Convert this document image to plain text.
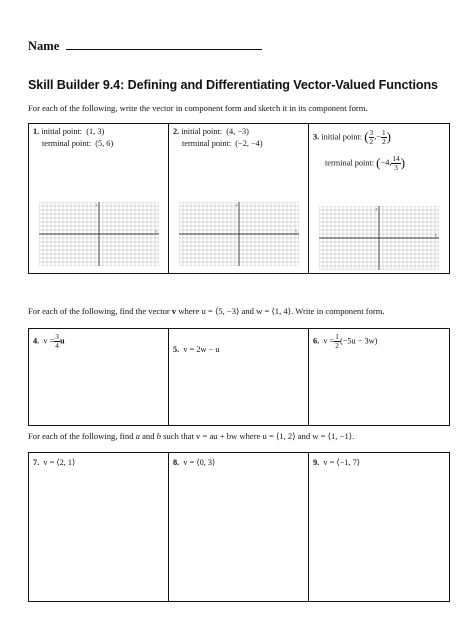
Name
Skill Builder 9.4: Defining and Differentiating Vector-Valued Functions
For each of the following, write the vector in component form and sketch it in its component form.
1. initial point: (1, 3)
terminal point: (5, 6)
x
y
2. initial point: (4, −3)
terminal point: (−2, −4)
x
y
3. initial point: ( $\frac{3}{2}$ ,− $\frac{1}{2}$ )
terminal point: (−4, $\frac{14}{3}$ )
x
y
For each of the following, find the vector v where u = ⟨5, −3⟩ and w = ⟨1, 4⟩. Write in component form.
4. $v = \frac{3}{4}$ u
5. v = 2w − u
6. $v = \frac{1}{2} (-5u - 3w)$
For each of the following, find a and b such that v = au + bw where u = ⟨1, 2⟩ and w = ⟨1, −1⟩.
7. v = ⟨2, 1⟩	8. v = ⟨0, 3⟩	9. v = ⟨−1, 7⟩
